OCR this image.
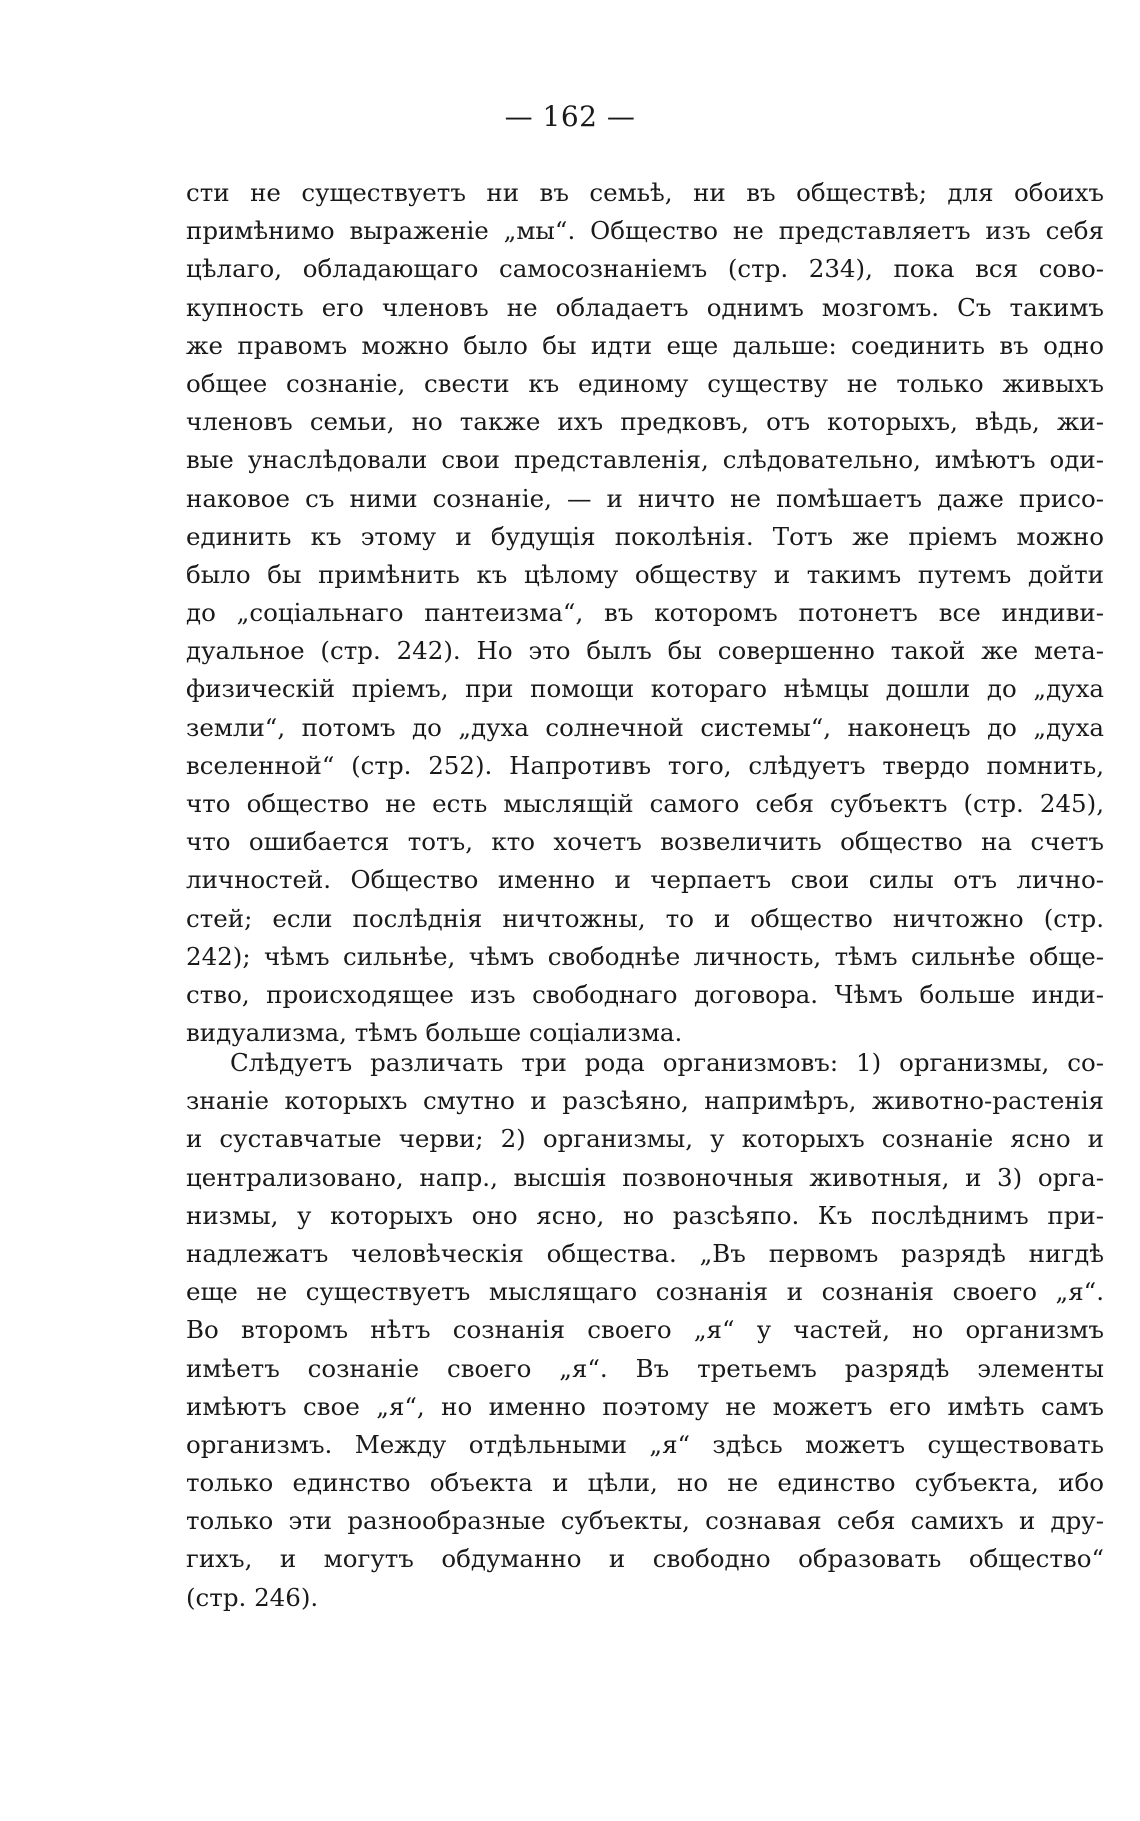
— 162 —
сти не существуетъ ни въ семьѣ, ни въ обществѣ; для обоихъ
примѣнимо выраженіе „мы“. Общество не представляетъ изъ себя
цѣлаго, обладающаго самосознаніемъ (стр. 234), пока вся сово-
купность его членовъ не обладаетъ однимъ мозгомъ. Съ такимъ
же правомъ можно было бы идти еще дальше: соединить въ одно
общее сознаніе, свести къ единому существу не только живыхъ
членовъ семьи, но также ихъ предковъ, отъ которыхъ, вѣдь, жи-
вые унаслѣдовали свои представленія, слѣдовательно, имѣютъ оди-
наковое съ ними сознаніе, — и ничто не помѣшаетъ даже присо-
единить къ этому и будущія поколѣнія. Тотъ же пріемъ можно
было бы примѣнить къ цѣлому обществу и такимъ путемъ дойти
до „соціальнаго пантеизма“, въ которомъ потонетъ все индиви-
дуальное (стр. 242). Но это былъ бы совершенно такой же мета-
физическій пріемъ, при помощи котораго нѣмцы дошли до „духа
земли“, потомъ до „духа солнечной системы“, наконецъ до „духа
вселенной“ (стр. 252). Напротивъ того, слѣдуетъ твердо помнить,
что общество не есть мыслящій самого себя субъектъ (стр. 245),
что ошибается тотъ, кто хочетъ возвеличить общество на счетъ
личностей. Общество именно и черпаетъ свои силы отъ лично-
стей; если послѣднія ничтожны, то и общество ничтожно (стр.
242); чѣмъ сильнѣе, чѣмъ свободнѣе личность, тѣмъ сильнѣе обще-
ство, происходящее изъ свободнаго договора. Чѣмъ больше инди-
видуализма, тѣмъ больше соціализма.
Слѣдуетъ различать три рода организмовъ: 1) организмы, со-
знаніе которыхъ смутно и разсѣяно, напримѣръ, животно-растенія
и суставчатые черви; 2) организмы, у которыхъ сознаніе ясно и
централизовано, напр., высшія позвоночныя животныя, и 3) орга-
низмы, у которыхъ оно ясно, но разсѣяпо. Къ послѣднимъ при-
надлежатъ человѣческія общества. „Въ первомъ разрядѣ нигдѣ
еще не существуетъ мыслящаго сознанія и сознанія своего „я“.
Во второмъ нѣтъ сознанія своего „я“ у частей, но организмъ
имѣетъ сознаніе своего „я“. Въ третьемъ разрядѣ элементы
имѣютъ свое „я“, но именно поэтому не можетъ его имѣть самъ
организмъ. Между отдѣльными „я“ здѣсь можетъ существовать
только единство объекта и цѣли, но не единство субъекта, ибо
только эти разнообразные субъекты, сознавая себя самихъ и дру-
гихъ, и могутъ обдуманно и свободно образовать общество“
(стр. 246).
